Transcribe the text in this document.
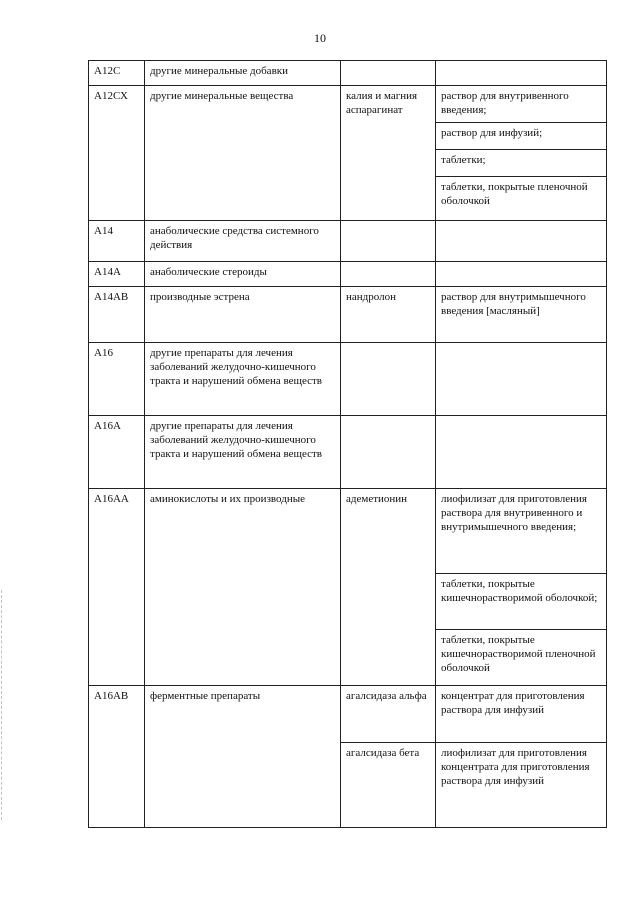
10
А12С	другие минеральные добавки		
А12СХ	другие минеральные вещества	калия и магния аспарагинат	раствор для внутривенного введения;
			раствор для инфузий;
			таблетки;
			таблетки, покрытые пленочной оболочкой
А14	анаболические средства системного действия		
А14А	анаболические стероиды		
А14АВ	производные эстрена	нандролон	раствор для внутримышечного введения [масляный]
А16	другие препараты для лечения заболеваний желудочно-кишечного тракта и нарушений обмена веществ		
А16А	другие препараты для лечения заболеваний желудочно-кишечного тракта и нарушений обмена веществ		
А16АА	аминокислоты и их производные	адеметионин	лиофилизат для приготовления раствора для внутривенного и внутримышечного введения;
			таблетки, покрытые кишечнорастворимой оболочкой;
			таблетки, покрытые кишечнорастворимой пленочной оболочкой
А16АВ	ферментные препараты	агалсидаза альфа	концентрат для приготовления раствора для инфузий
		агалсидаза бета	лиофилизат для приготовления концентрата для приготовления раствора для инфузий
